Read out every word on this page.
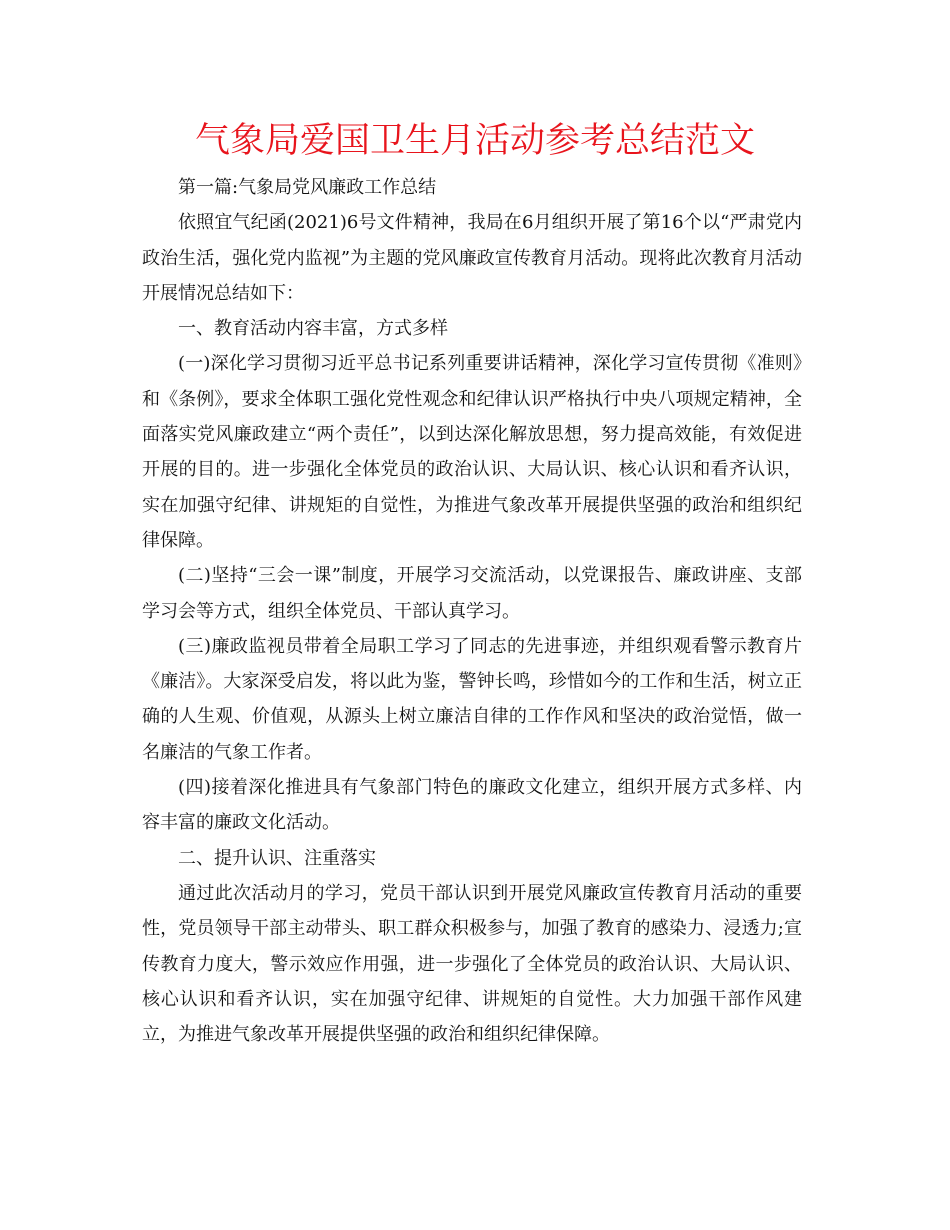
气象局爱国卫生月活动参考总结范文

第一篇:气象局党风廉政工作总结

依照宜气纪函(2021)6号文件精神，我局在6月组织开展了第16个以“严肃党内政治生活，强化党内监视”为主题的党风廉政宣传教育月活动。现将此次教育月活动开展情况总结如下：

一、教育活动内容丰富，方式多样

(一)深化学习贯彻习近平总书记系列重要讲话精神，深化学习宣传贯彻《准则》和《条例》，要求全体职工强化党性观念和纪律认识严格执行中央八项规定精神，全面落实党风廉政建立“两个责任”，以到达深化解放思想，努力提高效能，有效促进开展的目的。进一步强化全体党员的政治认识、大局认识、核心认识和看齐认识，实在加强守纪律、讲规矩的自觉性，为推进气象改革开展提供坚强的政治和组织纪律保障。

(二)坚持“三会一课”制度，开展学习交流活动，以党课报告、廉政讲座、支部学习会等方式，组织全体党员、干部认真学习。

(三)廉政监视员带着全局职工学习了同志的先进事迹，并组织观看警示教育片《廉洁》。大家深受启发，将以此为鉴，警钟长鸣，珍惜如今的工作和生活，树立正确的人生观、价值观，从源头上树立廉洁自律的工作作风和坚决的政治觉悟，做一名廉洁的气象工作者。

(四)接着深化推进具有气象部门特色的廉政文化建立，组织开展方式多样、内容丰富的廉政文化活动。

二、提升认识、注重落实

通过此次活动月的学习，党员干部认识到开展党风廉政宣传教育月活动的重要性，党员领导干部主动带头、职工群众积极参与，加强了教育的感染力、浸透力;宣传教育力度大，警示效应作用强，进一步强化了全体党员的政治认识、大局认识、核心认识和看齐认识，实在加强守纪律、讲规矩的自觉性。大力加强干部作风建立，为推进气象改革开展提供坚强的政治和组织纪律保障。
